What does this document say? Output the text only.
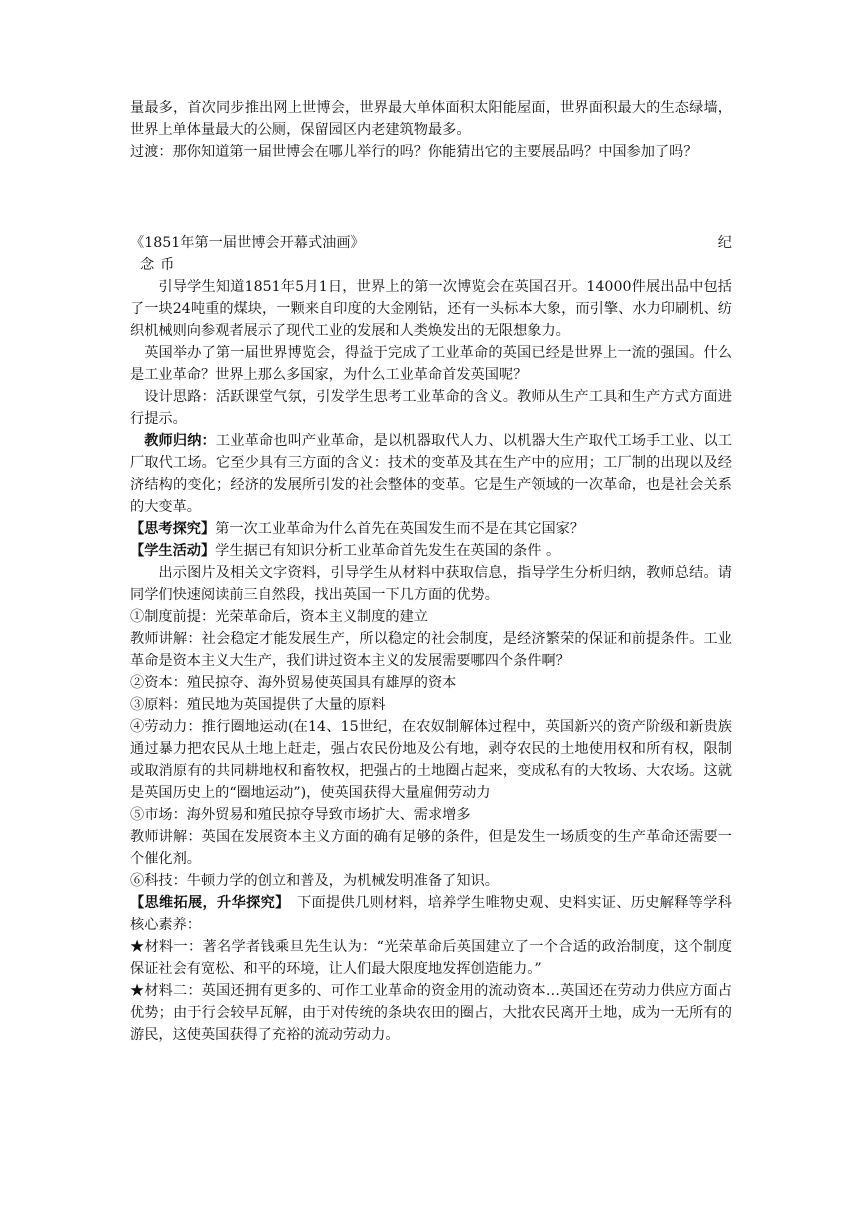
量最多，首次同步推出网上世博会，世界最大单体面积太阳能屋面，世界面积最大的生态绿墙，世界上单体量最大的公厕，保留园区内老建筑物最多。

过渡：那你知道第一届世博会在哪儿举行的吗？你能猜出它的主要展品吗？中国参加了吗？

《1851年第一届世博会开幕式油画》	纪

念币

引导学生知道1851年5月1日，世界上的第一次博览会在英国召开。14000件展出品中包括了一块24吨重的煤块，一颗来自印度的大金刚钻，还有一头标本大象，而引擎、水力印刷机、纺织机械则向参观者展示了现代工业的发展和人类焕发出的无限想象力。

英国举办了第一届世界博览会，得益于完成了工业革命的英国已经是世界上一流的强国。什么是工业革命？世界上那么多国家，为什么工业革命首发英国呢？

设计思路：活跃课堂气氛，引发学生思考工业革命的含义。教师从生产工具和生产方式方面进行提示。

教师归纳：工业革命也叫产业革命，是以机器取代人力、以机器大生产取代工场手工业、以工厂取代工场。它至少具有三方面的含义：技术的变革及其在生产中的应用；工厂制的出现以及经济结构的变化；经济的发展所引发的社会整体的变革。它是生产领域的一次革命，也是社会关系的大变革。

【思考探究】第一次工业革命为什么首先在英国发生而不是在其它国家？

【学生活动】学生据已有知识分析工业革命首先发生在英国的条件 。

出示图片及相关文字资料，引导学生从材料中获取信息，指导学生分析归纳，教师总结。请同学们快速阅读前三自然段，找出英国一下几方面的优势。

①制度前提：光荣革命后，资本主义制度的建立

教师讲解：社会稳定才能发展生产，所以稳定的社会制度，是经济繁荣的保证和前提条件。工业革命是资本主义大生产，我们讲过资本主义的发展需要哪四个条件啊？

②资本：殖民掠夺、海外贸易使英国具有雄厚的资本

③原料：殖民地为英国提供了大量的原料

④劳动力：推行圈地运动(在14、15世纪，在农奴制解体过程中，英国新兴的资产阶级和新贵族通过暴力把农民从土地上赶走，强占农民份地及公有地，剥夺农民的土地使用权和所有权，限制或取消原有的共同耕地权和畜牧权，把强占的土地圈占起来，变成私有的大牧场、大农场。这就是英国历史上的“圈地运动”)，使英国获得大量雇佣劳动力

⑤市场：海外贸易和殖民掠夺导致市场扩大、需求增多

教师讲解：英国在发展资本主义方面的确有足够的条件，但是发生一场质变的生产革命还需要一个催化剂。

⑥科技：牛顿力学的创立和普及，为机械发明准备了知识。

【思维拓展，升华探究】　下面提供几则材料，培养学生唯物史观、史料实证、历史解释等学科核心素养：

★材料一：著名学者钱乘旦先生认为：“光荣革命后英国建立了一个合适的政治制度，这个制度保证社会有宽松、和平的环境，让人们最大限度地发挥创造能力。”

★材料二：英国还拥有更多的、可作工业革命的资金用的流动资本…英国还在劳动力供应方面占优势；由于行会较早瓦解，由于对传统的条块农田的圈占，大批农民离开土地，成为一无所有的游民，这使英国获得了充裕的流动劳动力。
